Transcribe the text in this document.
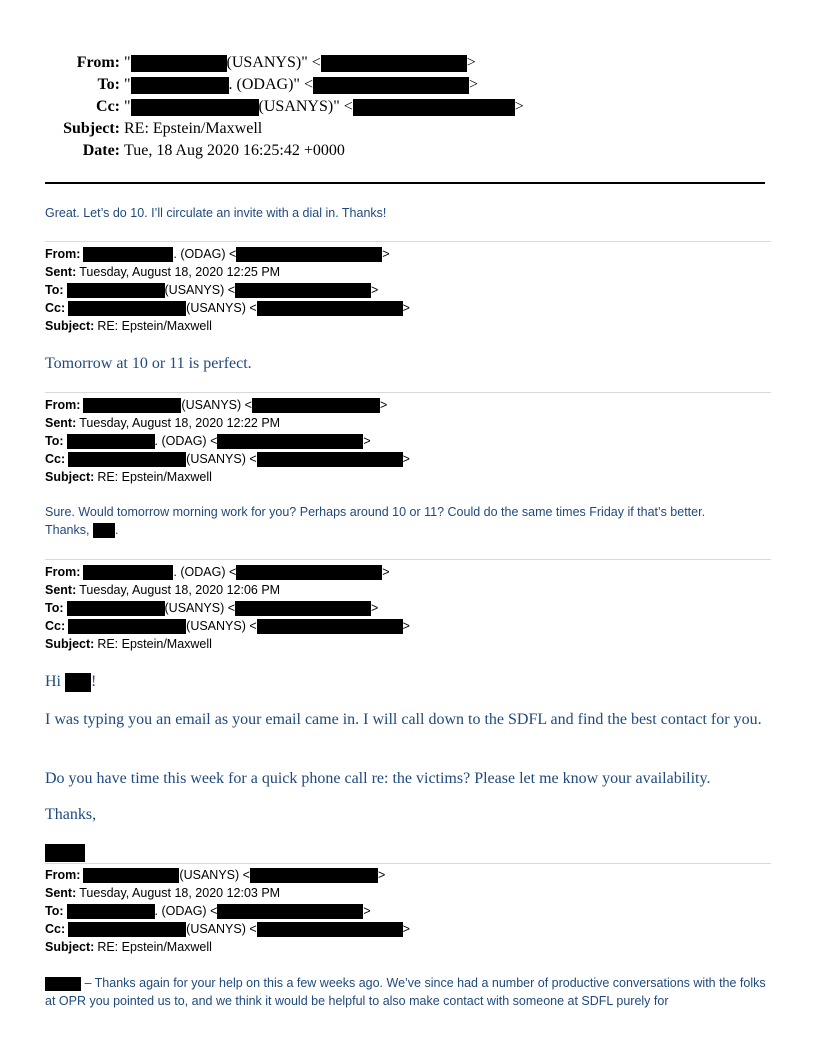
From: "	(USANYS)" <	>
To: "	. (ODAG)" <	>
Cc: "	(USANYS)" <	>
Subject: RE: Epstein/Maxwell
Date: Tue, 18 Aug 2020 16:25:42 +0000
Great. Let’s do 10. I’ll circulate an invite with a dial in. Thanks!
From:	. (ODAG) <	>
Sent: Tuesday, August 18, 2020 12:25 PM
To:	(USANYS) <	>
Cc:	(USANYS) <	>
Subject: RE: Epstein/Maxwell
Tomorrow at 10 or 11 is perfect.
From:	(USANYS) <	>
Sent: Tuesday, August 18, 2020 12:22 PM
To:	. (ODAG) <	>
Cc:	(USANYS) <	>
Subject: RE: Epstein/Maxwell
Sure. Would tomorrow morning work for you? Perhaps around 10 or 11? Could do the same times Friday if that’s better.
Thanks, .
From:	. (ODAG) <	>
Sent: Tuesday, August 18, 2020 12:06 PM
To:	(USANYS) <	>
Cc:	(USANYS) <	>
Subject: RE: Epstein/Maxwell
Hi !
I was typing you an email as your email came in. I will call down to the SDFL and find the best contact for you.
Do you have time this week for a quick phone call re: the victims? Please let me know your availability.
Thanks,
From:	(USANYS) <	>
Sent: Tuesday, August 18, 2020 12:03 PM
To:	. (ODAG) <	>
Cc:	(USANYS) <	>
Subject: RE: Epstein/Maxwell
– Thanks again for your help on this a few weeks ago. We’ve since had a number of productive conversations with the folks at OPR you pointed us to, and we think it would be helpful to also make contact with someone at SDFL purely for
